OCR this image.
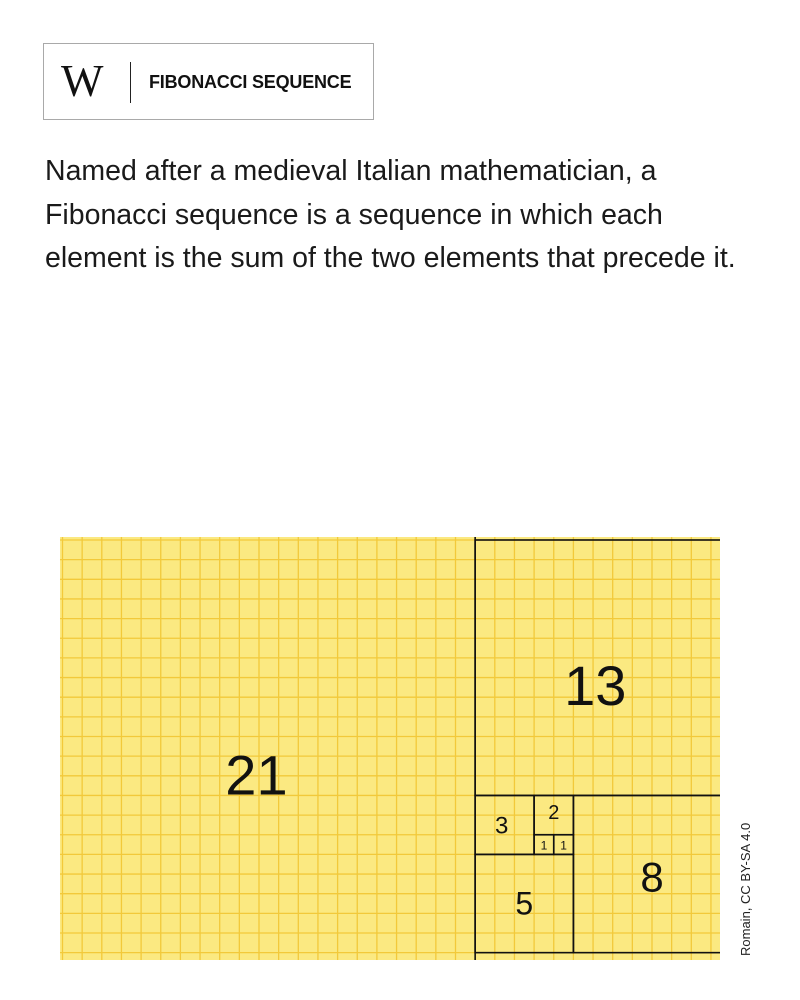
W	FIBONACCI SEQUENCE

Named after a medieval Italian mathematician, a Fibonacci sequence is a sequence in which each element is the sum of the two elements that precede it.

21
13
8
5
3 2
1 1	Romain, CC BY-SA 4.0
